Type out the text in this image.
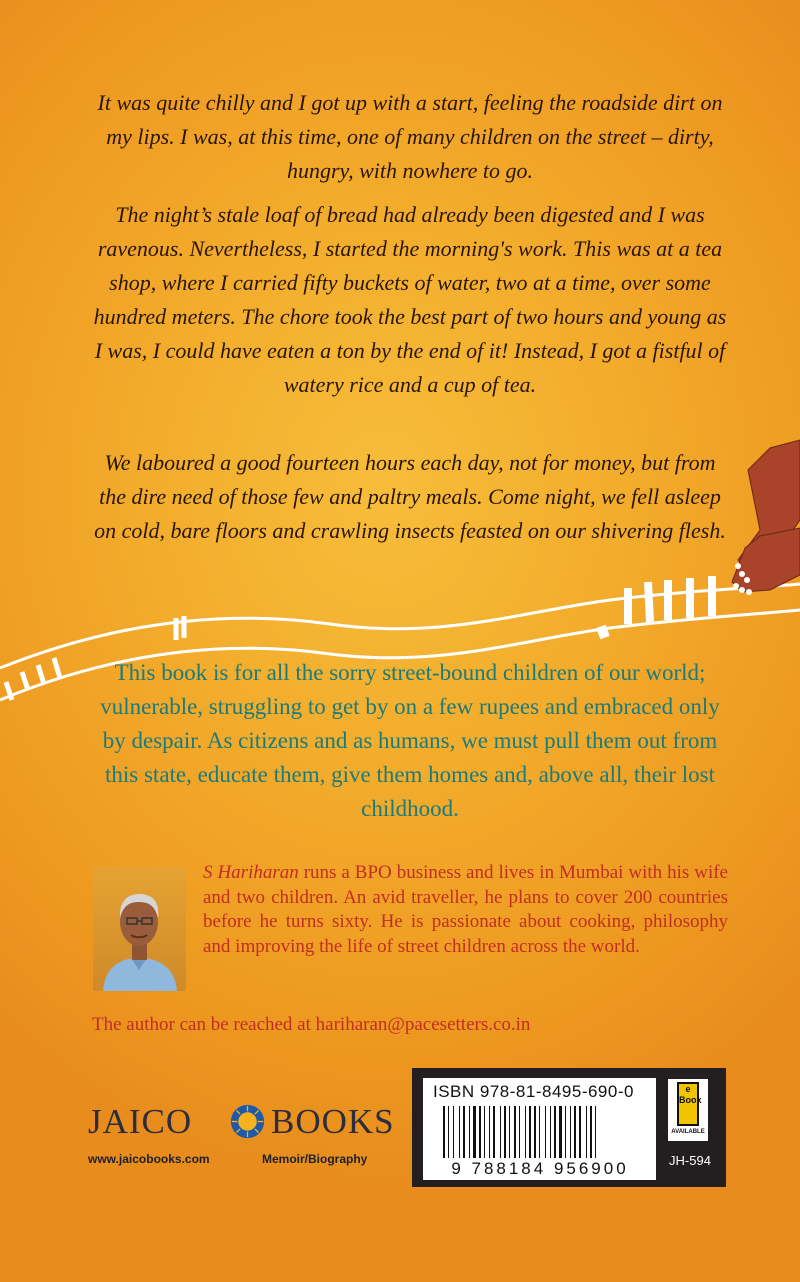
It was quite chilly and I got up with a start, feeling the roadside dirt on my lips. I was, at this time, one of many children on the street – dirty, hungry, with nowhere to go.

The night’s stale loaf of bread had already been digested and I was ravenous. Nevertheless, I started the morning's work. This was at a tea shop, where I carried fifty buckets of water, two at a time, over some hundred meters. The chore took the best part of two hours and young as I was, I could have eaten a ton by the end of it! Instead, I got a fistful of watery rice and a cup of tea.

We laboured a good fourteen hours each day, not for money, but from the dire need of those few and paltry meals. Come night, we fell asleep on cold, bare floors and crawling insects feasted on our shivering flesh.

This book is for all the sorry street-bound children of our world; vulnerable, struggling to get by on a few rupees and embraced only by despair. As citizens and as humans, we must pull them out from this state, educate them, give them homes and, above all, their lost childhood.

S Hariharan runs a BPO business and lives in Mumbai with his wife and two children. An avid traveller, he plans to cover 200 countries before he turns sixty. He is passionate about cooking, philosophy and improving the life of street children across the world.

The author can be reached at hariharan@pacesetters.co.in

JAICO BOOKS
www.jaicobooks.com	Memoir/Biography

ISBN 978-81-8495-690-0

9 788184 956900
e
Book
AVAILABLE
JH-594
